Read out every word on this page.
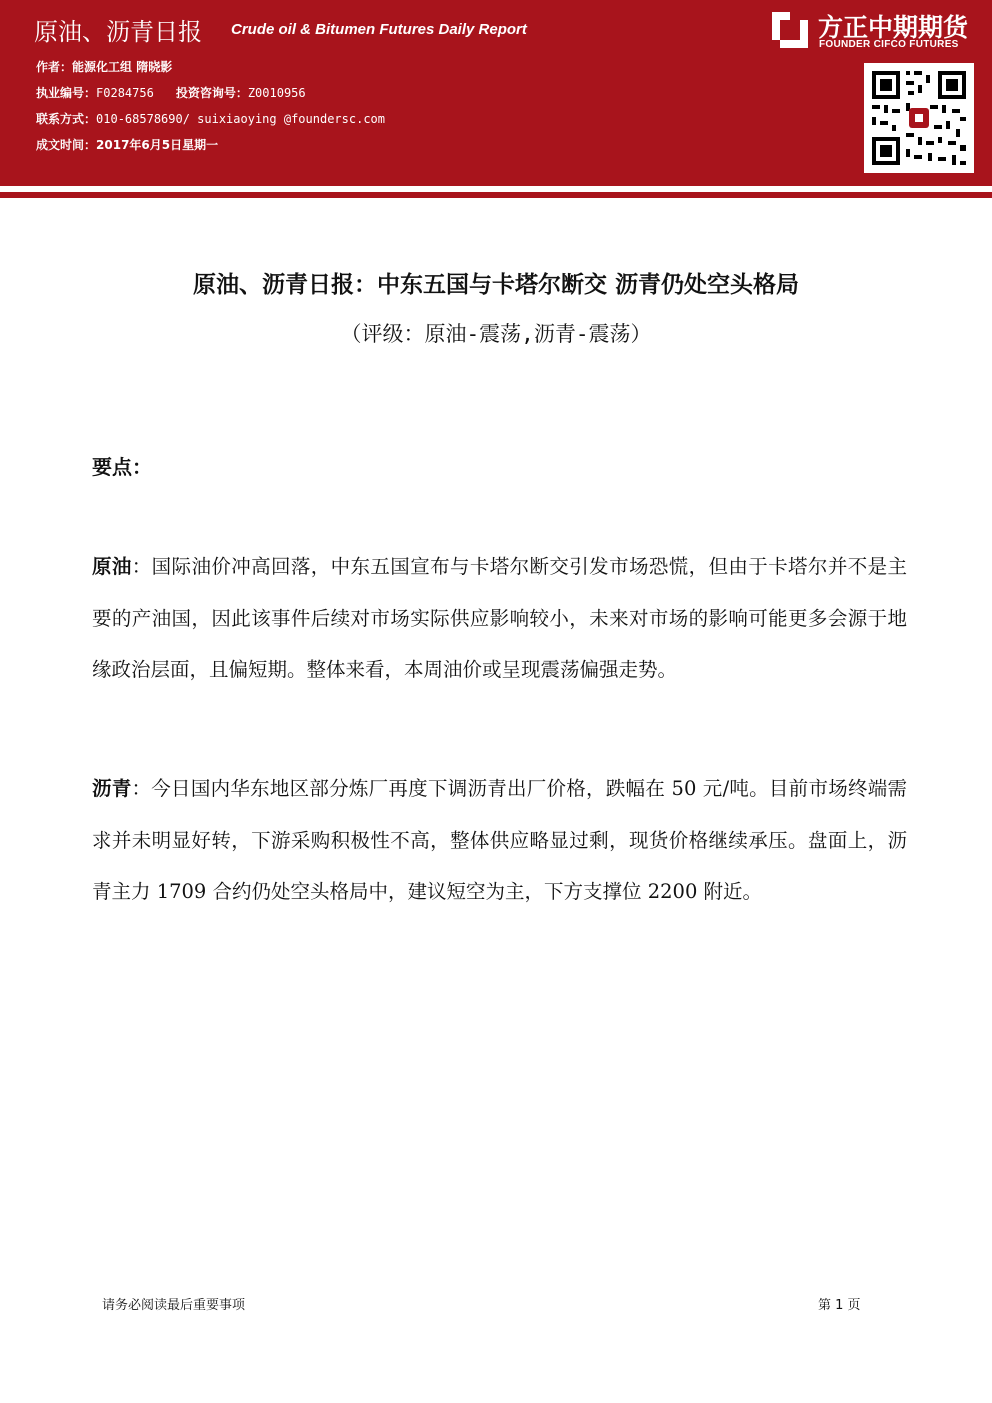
原油、沥青日报 Crude oil & Bitumen Futures Daily Report
作者：能源化工组 隋晓影
执业编号：F0284756 投资咨询号：Z0010956
联系方式：010-68578690/ suixiaoying @foundersc.com
成文时间：2017年6月5日星期一
方正中期期货
FOUNDER CIFCO FUTURES
原油、沥青日报：中东五国与卡塔尔断交 沥青仍处空头格局
（评级：原油-震荡,沥青-震荡）
要点：
原油：国际油价冲高回落，中东五国宣布与卡塔尔断交引发市场恐慌，但由于卡塔尔并不是主要的产油国，因此该事件后续对市场实际供应影响较小，未来对市场的影响可能更多会源于地缘政治层面，且偏短期。整体来看，本周油价或呈现震荡偏强走势。
沥青：今日国内华东地区部分炼厂再度下调沥青出厂价格，跌幅在 50 元/吨。目前市场终端需求并未明显好转，下游采购积极性不高，整体供应略显过剩，现货价格继续承压。盘面上，沥青主力 1709 合约仍处空头格局中，建议短空为主，下方支撑位 2200 附近。
请务必阅读最后重要事项	第 1 页
